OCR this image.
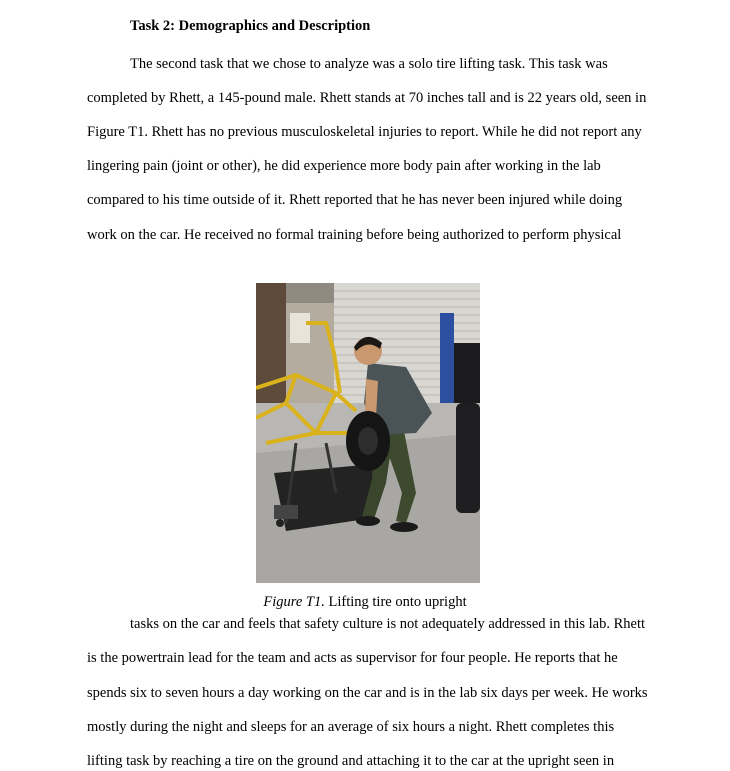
Task 2: Demographics and Description
The second task that we chose to analyze was a solo tire lifting task. This task was
completed by Rhett, a 145-pound male. Rhett stands at 70 inches tall and is 22 years old, seen in
Figure T1. Rhett has no previous musculoskeletal injuries to report. While he did not report any
lingering pain (joint or other), he did experience more body pain after working in the lab
compared to his time outside of it. Rhett reported that he has never been injured while doing
work on the car. He received no formal training before being authorized to perform physical
Figure T1. Lifting tire onto upright
tasks on the car and feels that safety culture is not adequately addressed in this lab. Rhett
is the powertrain lead for the team and acts as supervisor for four people. He reports that he
spends six to seven hours a day working on the car and is in the lab six days per week. He works
mostly during the night and sleeps for an average of six hours a night. Rhett completes this
lifting task by reaching a tire on the ground and attaching it to the car at the upright seen in
